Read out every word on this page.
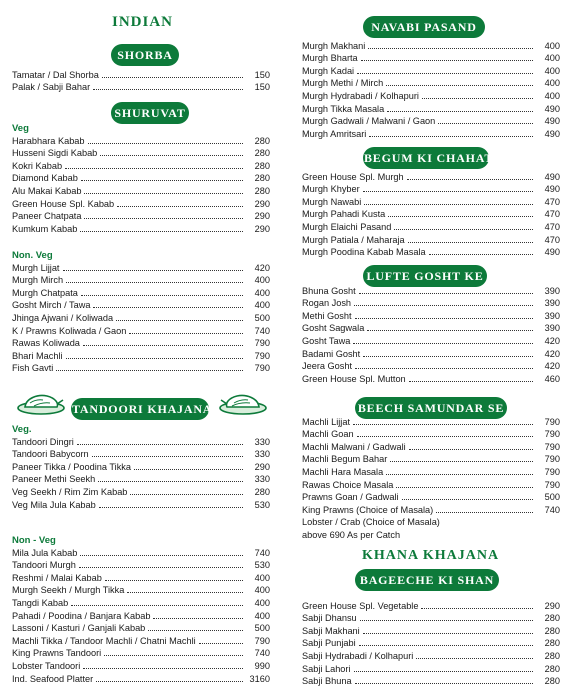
INDIAN
SHORBA
Tamatar / Dal Shorba	150
Palak / Sabji Bahar	150
SHURUVAT
Veg
Harabhara Kabab	280
Husseni Sigdi Kabab	280
Kokri Kabab	280
Diamond Kabab	280
Alu Makai Kabab	280
Green House Spl. Kabab	290
Paneer Chatpata	290
Kumkum Kabab	290
Non. Veg
Murgh Lijjat	420
Murgh Mirch	400
Murgh Chatpata	400
Gosht Mirch / Tawa	400
Jhinga Ajwani / Koliwada	500
K / Prawns Koliwada / Gaon	740
Rawas Koliwada	790
Bhari Machli	790
Fish Gavti	790
TANDOORI KHAJANA
Veg.
Tandoori Dingri	330
Tandoori Babycorn	330
Paneer Tikka / Poodina Tikka	290
Paneer Methi Seekh	330
Veg Seekh / Rim Zim Kabab	280
Veg Mila Jula Kabab	530
Non - Veg
Mila Jula Kabab	740
Tandoori Murgh	530
Reshmi / Malai Kabab	400
Murgh Seekh / Murgh Tikka	400
Tangdi Kabab	400
Pahadi / Poodina / Banjara Kabab	400
Lassoni / Kasturi / Ganjali Kabab	500
Machli Tikka / Tandoor Machli / Chatni Machli	790
King Prawns Tandoori	740
Lobster Tandoori	990
Ind. Seafood Platter	3160
NAVABI PASAND
Murgh Makhani	400
Murgh Bharta	400
Murgh Kadai	400
Murgh Methi / Mirch	400
Murgh Hydrabadi / Kolhapuri	400
Murgh Tikka Masala	490
Murgh Gadwali / Malwani / Gaon	490
Murgh Amritsari	490
BEGUM KI CHAHAT
Green House Spl. Murgh	490
Murgh Khyber	490
Murgh Nawabi	470
Murgh Pahadi Kusta	470
Murgh Elaichi Pasand	470
Murgh Patiala / Maharaja	470
Murgh Poodina Kabab Masala	490
LUFTE GOSHT KE
Bhuna Gosht	390
Rogan Josh	390
Methi Gosht	390
Gosht Sagwala	390
Gosht Tawa	420
Badami Gosht	420
Jeera Gosht	420
Green House Spl. Mutton	460
BEECH SAMUNDAR SE
Machli Lijjat	790
Machli Goan	790
Machli Malwani / Gadwali	790
Machli Begum Bahar	790
Machli Hara Masala	790
Rawas Choice Masala	790
Prawns Goan / Gadwali	500
King Prawns (Choice of Masala)	740
Lobster / Crab (Choice of Masala)
above 690 As per Catch
KHANA KHAJANA
BAGEECHE KI SHAN
Green House Spl. Vegetable	290
Sabji Dhansu	280
Sabji Makhani	280
Sabji Punjabi	280
Sabji Hydrabadi / Kolhapuri	280
Sabji Lahori	280
Sabji Bhuna	280
